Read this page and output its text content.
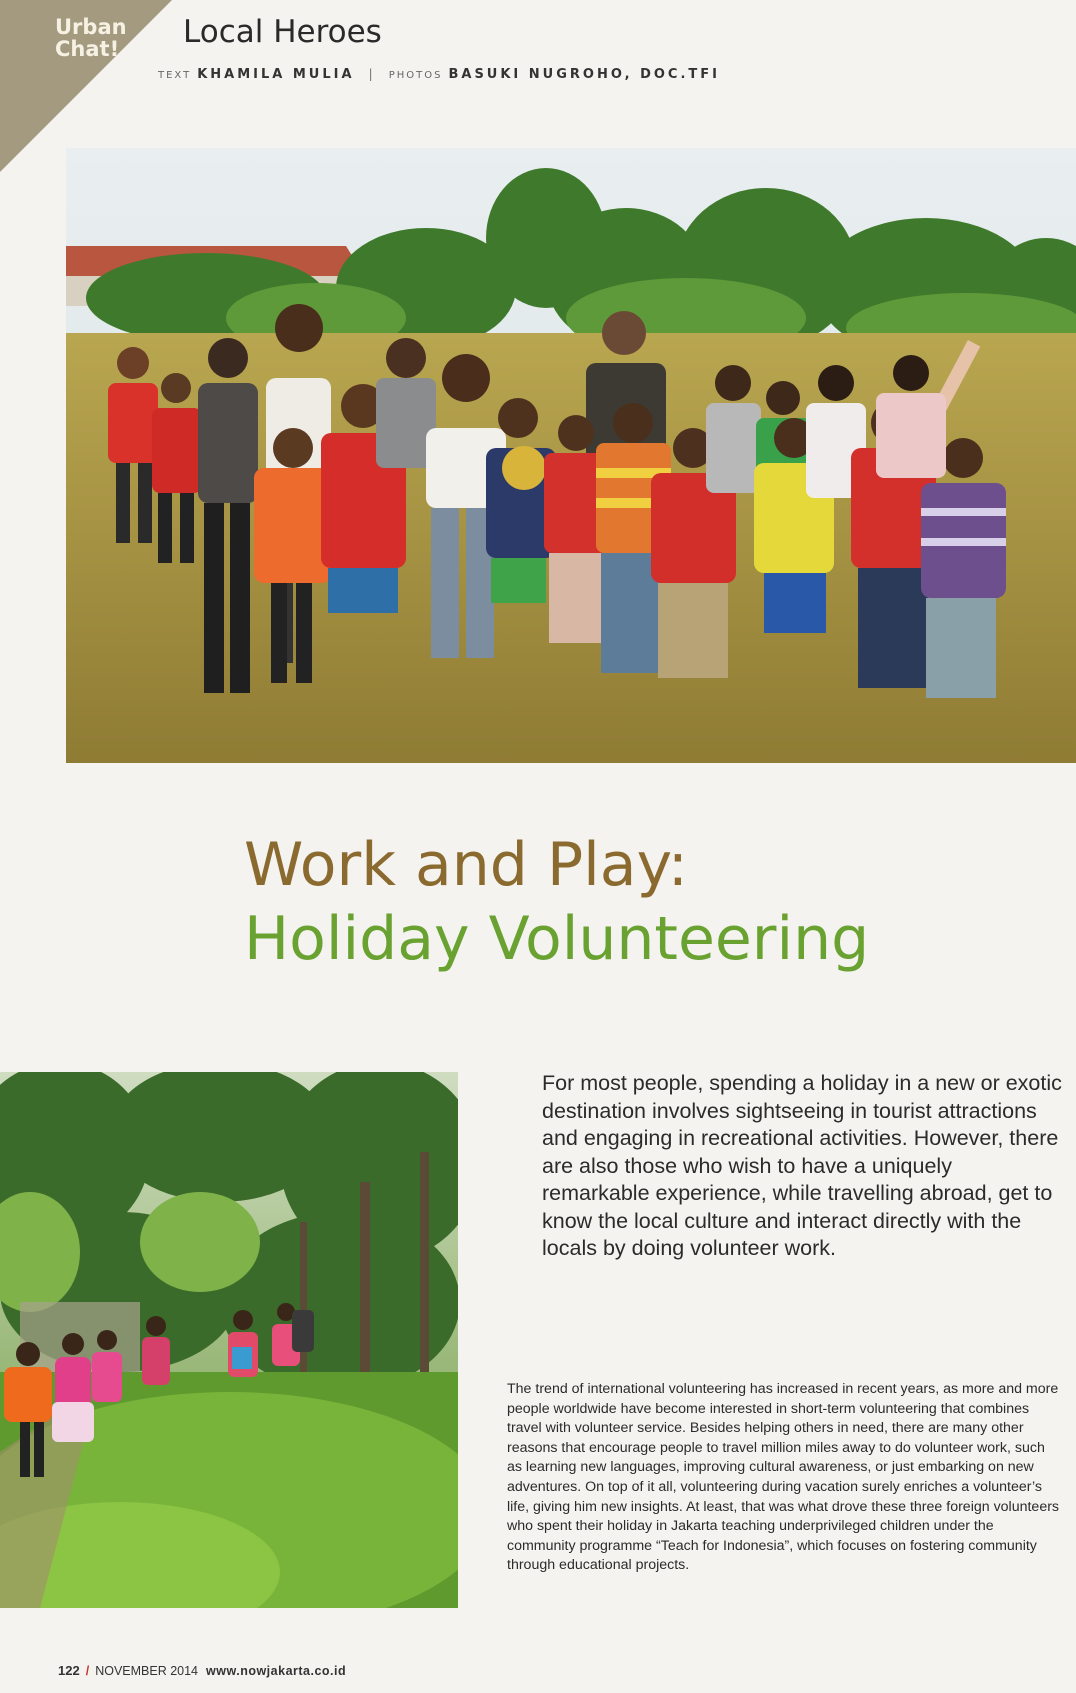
Urban
Chat! Local Heroes
TEXT KHAMILA MULIA | PHOTOS BASUKI NUGROHO, DOC.TFI
Work and Play:
Holiday Volunteering
For most people, spending a holiday in a new or exotic destination involves sightseeing in tourist attractions and engaging in recreational activities. However, there are also those who wish to have a uniquely remarkable experience, while travelling abroad, get to know the local culture and interact directly with the locals by doing volunteer work.
The trend of international volunteering has increased in recent years, as more and more people worldwide have become interested in short-term volunteering that combines travel with volunteer service. Besides helping others in need, there are many other reasons that encourage people to travel million miles away to do volunteer work, such as learning new languages, improving cultural awareness, or just embarking on new adventures. On top of it all, volunteering during vacation surely enriches a volunteer’s life, giving him new insights. At least, that was what drove these three foreign volunteers who spent their holiday in Jakarta teaching underprivileged children under the community programme “Teach for Indonesia”, which focuses on fostering community through educational projects.
122 / NOVEMBER 2014 www.nowjakarta.co.id
